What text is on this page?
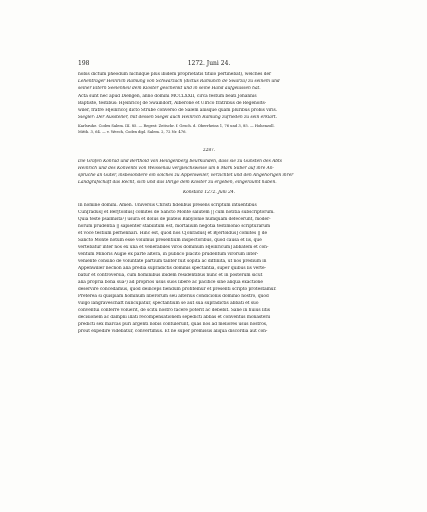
198	1272. Juni 24.
nobis dictum pheodum nichilque plus ibidem proprietatis titulo pertinebat), welches der
Lehenträger Heinrich Ramung von Schwarzach (dictus Ramunch de Swarza) zu seinem und
seiner Eltern Seelenheil dem Kloster geschenkt und in seine Hand aufgelassen hat.
Acta sunt hec apud Diengen, anno domini MCCLXXII, circa festum beati Johannis
Baptiste, testibus: H[einrico] de Swaindorf, Alberone et Ulrico fratribus de Regenolts-
wiler, fratre H[einrico] dicto Strube converso de Salem aliisque quam pluribus probis viris.
Siegler: Der Aussteller, mit dessen Siegel auch Heinrich Ramung zufrieden zu sein erklärt.
Karlsruhe. Codex Salem. III. 85. — Regest: Zeitschr. f. Gesch. d. Oberrheins 1, 76 und 3, 85. — Hohenzoll.
Mitth. 3, 64. — v. Weech, Codex dipl. Salem. 2, 72 Nr. 476.
2287.
Die Grafen Konrad und Berthold von Heiligenberg beurkunden, dass sie zu Gunsten des Abts
Heinrich und des Konvents von Weissenau vergleichsweise um 6 Mark Silber auf ihre An-
sprüche an Güter, insbesondere ein solches zu Appenweiler, verzichtet und den Angehörigen ihrer
Landgrafschaft das Recht, sich und das Ihrige dem Kloster zu ergeben, eingeräumt haben.
Konstanz 1272. Juni 24.
In nomine domini. Amen. Universis Christi fidelibus presens scriptum intuentibus
Cūn[radus] et Ber[toldus] comites de Sancto Monte salutem || cum notitia subscriptorum.
Quia teste psalmista¹) usura et dolus de plateis Babylonie numquam defecerunt, moder-
norum prudentia || sapienter stabilitum est, mortalium negotia testimonio scripturarum
et voce testium perhennari. Hinc est, quod nos C[onradus] et B[ertoldus] comites || de
Sancto Monte notum esse volumus presentium inspectoribus, quod causa et lis, que
vertebatur inter nos ex una et venerabiles viros dominum H[einricum] abbatem et con-
ventum Minoris Augie ex parte altera, in publico placito prudentum virorum inter-
veniente consilio de voluntate partium taliter fuit sopita ac diffinita, ut nos predium in
Appenwiller necnon alia predia supradictis dominis spectantia, super quibus lis verte-
batur et controversia, cum hominibus ibidem residentibus nunc et in posterum sicut
alia propria bona sua²) ad proprios usus suos libere ac pacifice sine aliqua exactione
deservire concedamus, quod deinceps fiendum profitemur et presenti scripto protestamur.
Preterea si quispiam hominum liberorum seu alterius condicionis dominio nostro, quod
vulgo langraveschaft nuncupatur, spectantium se aut sua supradictis abbati et suo
conventui conferre voluerit, de scitu nostro facere poterit ac debebit. Sane in huius litis
decisionem ac dampni illati recompensationem sepedicti abbas et conventus monasterii
predicti sex marcas puri argenti nobis contulerunt, quas nos ad meliores usus nostros,
prout expedire videbatur, convertimus. Et ne super premissis aliqua discordia aut con-
